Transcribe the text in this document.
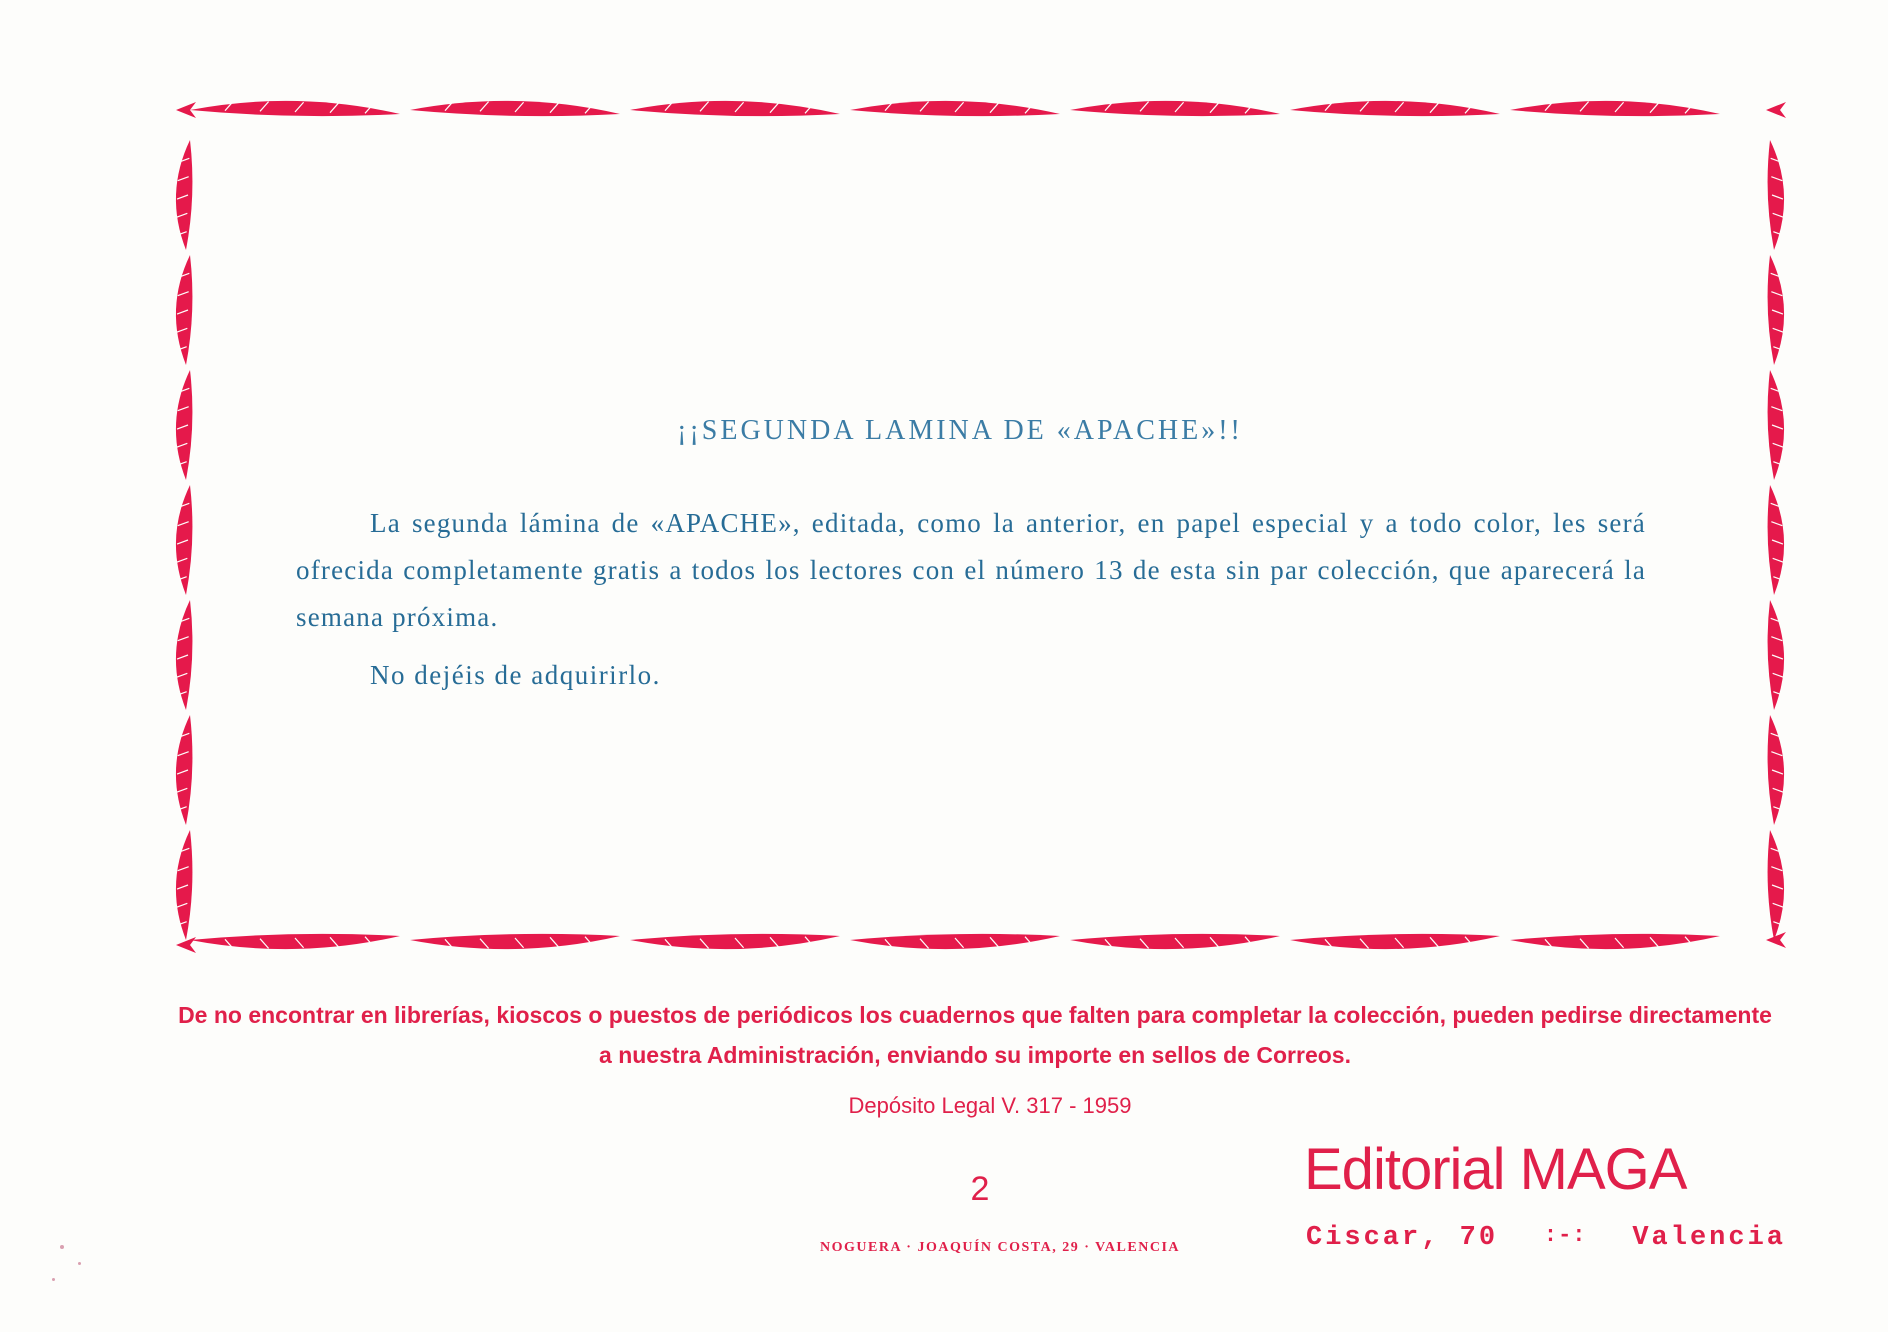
¡¡SEGUNDA LAMINA DE «APACHE»!!

La segunda lámina de «APACHE», editada, como la anterior, en papel especial y a todo color, les será ofrecida completamente gratis a todos los lectores con el número 13 de esta sin par colección, que aparecerá la semana próxima.

No dejéis de adquirirlo.
De no encontrar en librerías, kioscos o puestos de periódicos los cuadernos que falten para completar la colección, pueden pedirse directamente a nuestra Administración, enviando su importe en sellos de Correos.
Depósito Legal V. 317 - 1959
2
NOGUERA · JOAQUÍN COSTA, 29 · VALENCIA
Editorial MAGA
Ciscar, 70 :-: Valencia
